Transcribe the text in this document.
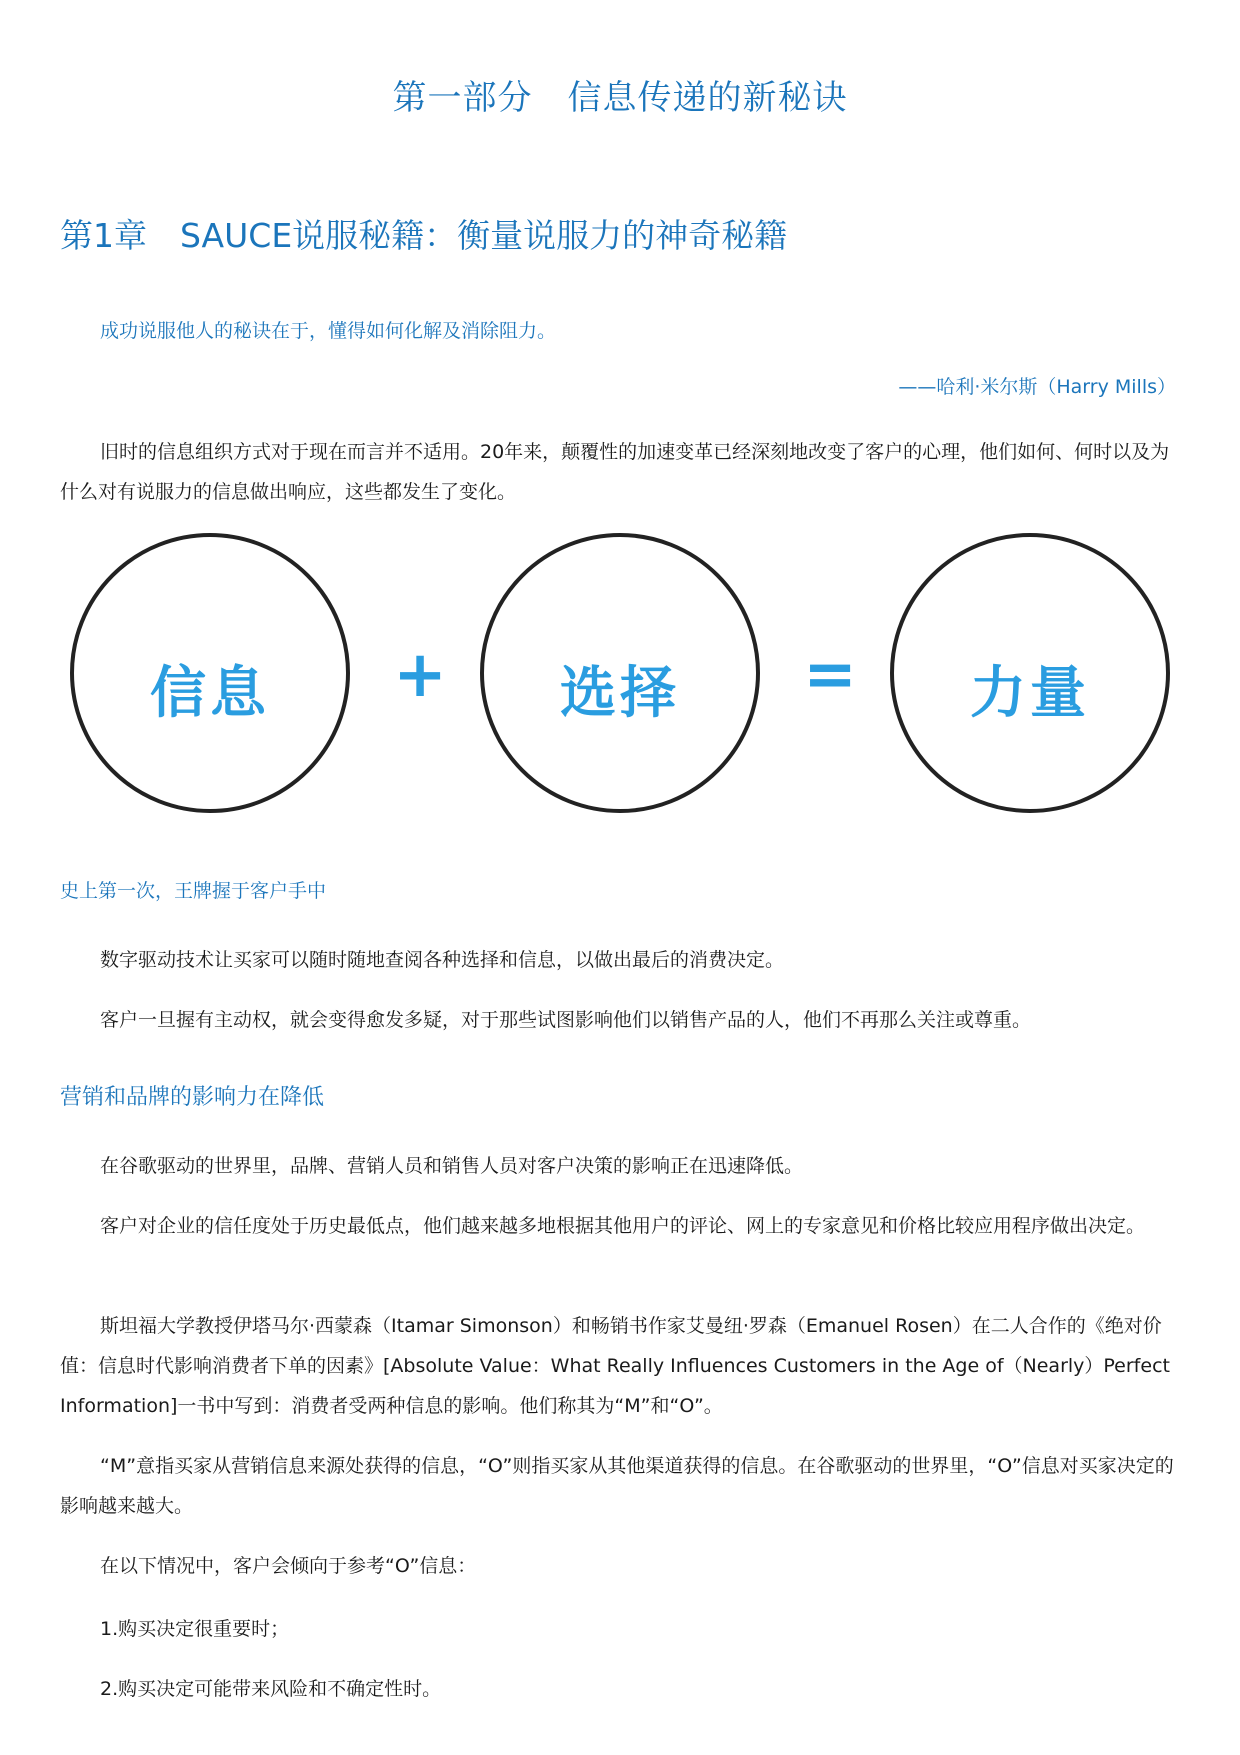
第一部分　信息传递的新秘诀
第1章　SAUCE说服秘籍：衡量说服力的神奇秘籍
成功说服他人的秘诀在于，懂得如何化解及消除阻力。
——哈利·米尔斯（Harry Mills）
旧时的信息组织方式对于现在而言并不适用。20年来，颠覆性的加速变革已经深刻地改变了客户的心理，他们如何、何时以及为什么对有说服力的信息做出响应，这些都发生了变化。
信息	+	选择	=	力量
史上第一次，王牌握于客户手中
数字驱动技术让买家可以随时随地查阅各种选择和信息，以做出最后的消费决定。
客户一旦握有主动权，就会变得愈发多疑，对于那些试图影响他们以销售产品的人，他们不再那么关注或尊重。
营销和品牌的影响力在降低
在谷歌驱动的世界里，品牌、营销人员和销售人员对客户决策的影响正在迅速降低。
客户对企业的信任度处于历史最低点，他们越来越多地根据其他用户的评论、网上的专家意见和价格比较应用程序做出决定。
斯坦福大学教授伊塔马尔·西蒙森（Itamar Simonson）和畅销书作家艾曼纽·罗森（Emanuel Rosen）在二人合作的《绝对价值：信息时代影响消费者下单的因素》[Absolute Value：What Really Influences Customers in the Age of（Nearly）Perfect Information]一书中写到：消费者受两种信息的影响。他们称其为“M”和“O”。
“M”意指买家从营销信息来源处获得的信息，“O”则指买家从其他渠道获得的信息。在谷歌驱动的世界里，“O”信息对买家决定的影响越来越大。
在以下情况中，客户会倾向于参考“O”信息：
1.购买决定很重要时；
2.购买决定可能带来风险和不确定性时。
